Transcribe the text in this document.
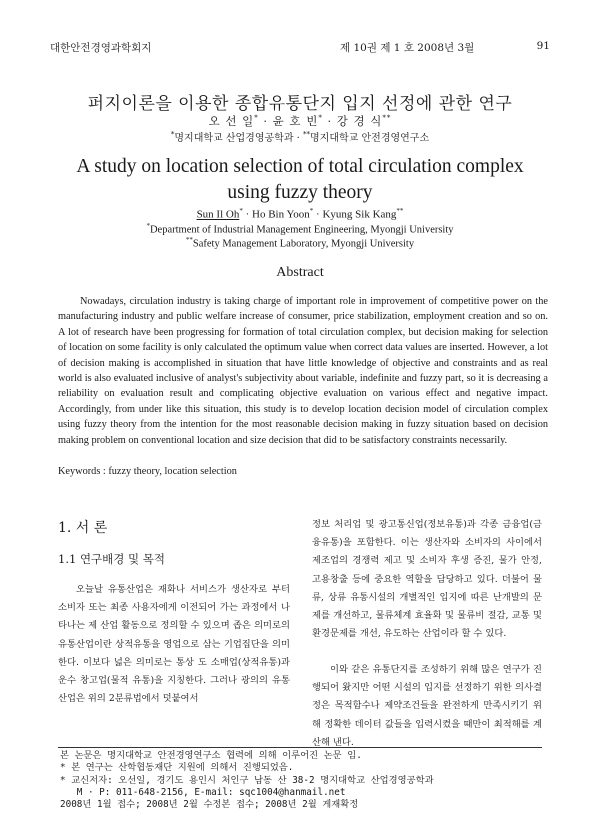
대한안전경영과학회지	제 10권 제 1 호 2008년 3월	91
퍼지이론을 이용한 종합유통단지 입지 선정에 관한 연구
오 선 일* · 윤 호 빈* · 강 경 식**
*명지대학교 산업경영공학과 · **명지대학교 안전경영연구소
A study on location selection of total circulation complex
using fuzzy theory
Sun Il Oh* · Ho Bin Yoon* · Kyung Sik Kang**
*Department of Industrial Management Engineering, Myongji University
**Safety Management Laboratory, Myongji University
Abstract

Nowadays, circulation industry is taking charge of important role in improvement of competitive power on the manufacturing industry and public welfare increase of consumer, price stabilization, employment creation and so on. A lot of research have been progressing for formation of total circulation complex, but decision making for selection of location on some facility is only calculated the optimum value when correct data values are inserted. However, a lot of decision making is accomplished in situation that have little knowledge of objective and constraints and as real world is also evaluated inclusive of analyst's subjectivity about variable, indefinite and fuzzy part, so it is decreasing a reliability on evaluation result and complicating objective evaluation on various effect and negative impact. Accordingly, from under like this situation, this study is to develop location decision model of circulation complex using fuzzy theory from the intention for the most reasonable decision making in fuzzy situation based on decision making problem on conventional location and size decision that did to be satisfactory constraints necessarily.

Keywords : fuzzy theory, location selection
1. 서 론
1.1 연구배경 및 목적

오늘날 유통산업은 재화나 서비스가 생산자로 부터 소비자 또는 최종 사용자에게 이전되어 가는 과정에서 나타나는 제 산업 활동으로 정의할 수 있으며 좁은 의미로의 유통산업이란 상적유통을 영업으로 삼는 기업집단을 의미한다. 이보다 넓은 의미로는 통상 도 소매업(상적유통)과 운수 창고업(물적 유통)을 지칭한다. 그러나 광의의 유통산업은 위의 2분류법에서 덧붙여서

정보 처리업 및 광고통신업(정보유통)과 각종 금융업(금융유통)을 포함한다. 이는 생산자와 소비자의 사이에서 제조업의 경쟁력 제고 및 소비자 후생 증진, 물가 안정, 고용창출 등에 중요한 역할을 담당하고 있다. 더불어 물류, 상류 유통시설의 개별적인 입지에 따른 난개발의 문제를 개선하고, 물류체계 효율화 및 물류비 절감, 교통 및 환경문제를 개선, 유도하는 산업이라 할 수 있다.

이와 같은 유통단지를 조성하기 위해 많은 연구가 진행되어 왔지만 어떤 시설의 입지를 선정하기 위한 의사결정은 목적함수나 제약조건들을 완전하게 만족시키기 위해 정확한 데이터 값들을 입력시켰을 때만이 최적해를 계산해 낸다.

본 논문은 명지대학교 안전경영연구소 협력에 의해 이루어진 논문 임.
* 본 연구는 산학협동재단 지원에 의해서 진행되었음.
* 교신저자: 오선일, 경기도 용인시 처인구 남동 산 38-2 명지대학교 산업경영공학과
M · P: 011-648-2156, E-mail: sqc1004@hanmail.net
2008년 1월 접수; 2008년 2월 수정본 접수; 2008년 2월 게재확정
